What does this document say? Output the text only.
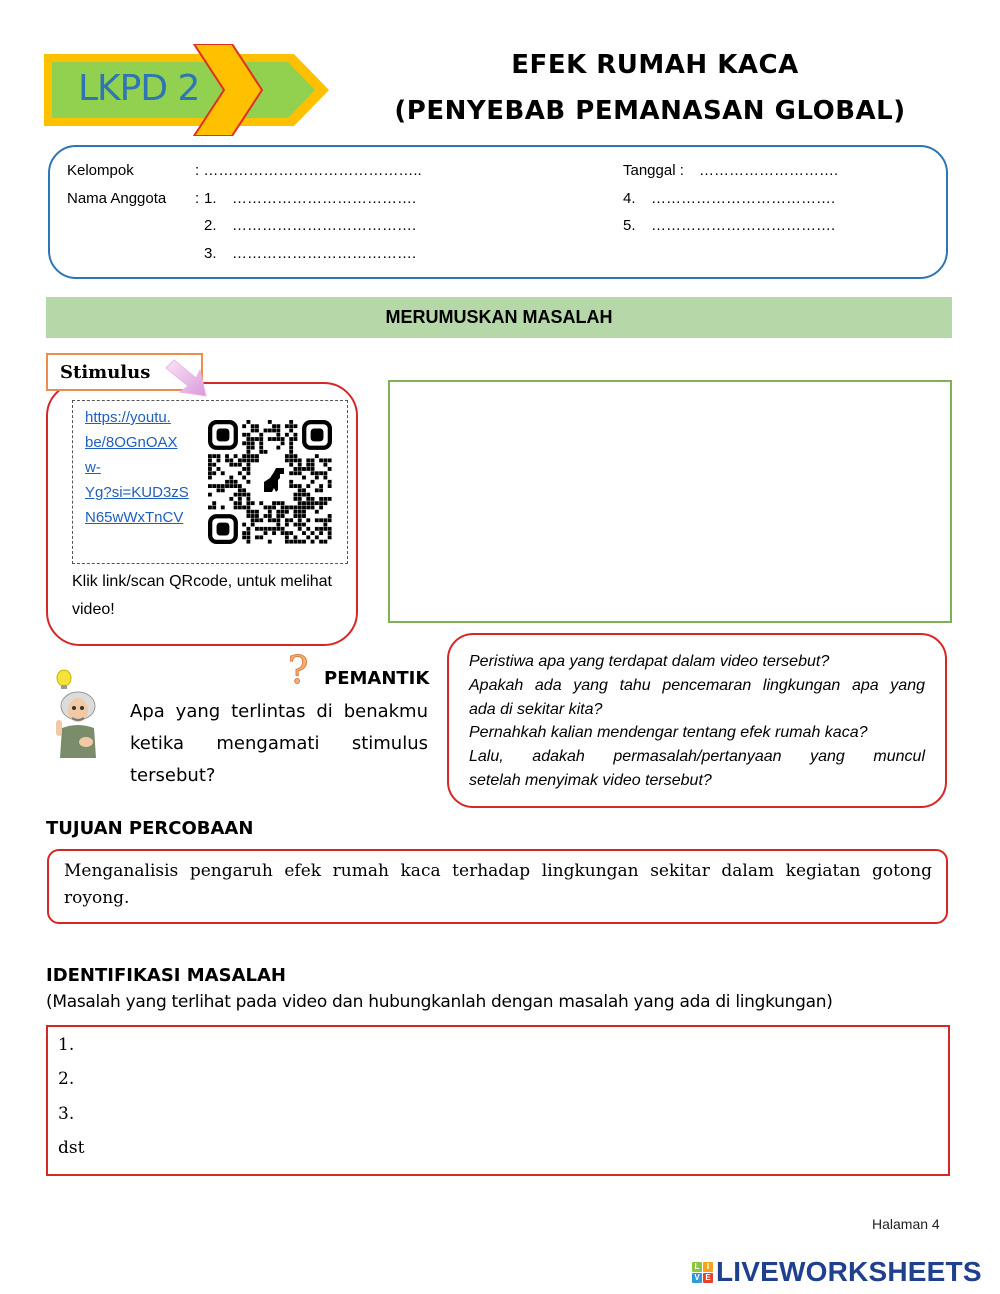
LKPD 2
EFEK RUMAH KACA
(PENYEBAB PEMANASAN GLOBAL)
Kelompok	: ……………………………………..
Nama Anggota : 1. ……………………………….
2. ……………………………….
3. ……………………………….
Tanggal : ……………………….
4. ……………………………….
5. ……………………………….
MERUMUSKAN MASALAH
Stimulus
https://youtu.
be/8OGnOAX
w-
Yg?si=KUD3zS
N65wWxTnCV
Klik link/scan QRcode, untuk melihat video!
? PEMANTIK
Apa yang terlintas di benakmu ketika mengamati stimulus tersebut?
Peristiwa apa yang terdapat dalam video tersebut?
Apakah ada yang tahu pencemaran lingkungan apa yang
ada di sekitar kita?
Pernahkah kalian mendengar tentang efek rumah kaca?
Lalu, adakah permasalah/pertanyaan yang muncul
setelah menyimak video tersebut?
TUJUAN PERCOBAAN
Menganalisis pengaruh efek rumah kaca terhadap lingkungan sekitar dalam kegiatan gotong royong.
IDENTIFIKASI MASALAH
(Masalah yang terlihat pada video dan hubungkanlah dengan masalah yang ada di lingkungan)
1.
2.
3.
dst
Halaman 4
L I
V E LIVEWORKSHEETS
